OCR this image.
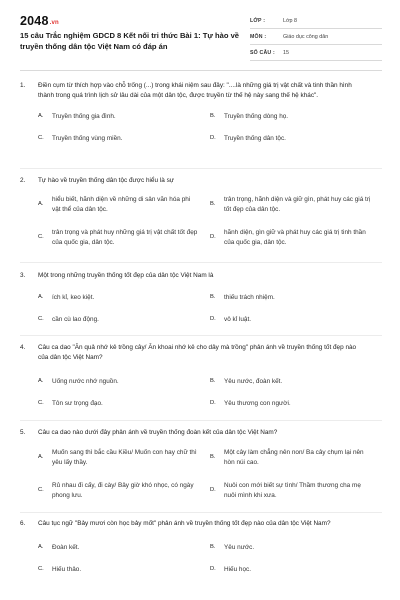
2048.vn
15 câu Trắc nghiệm GDCD 8 Kết nối tri thức Bài 1: Tự hào về truyền thống dân tộc Việt Nam có đáp án
LỚP :	Lớp 8
MÔN :	Giáo dục công dân
SỐ CÂU :	15
1.	Điền cụm từ thích hợp vào chỗ trống (...) trong khái niệm sau đây: "....là những giá trị vật chất và tinh thần hình thành trong quá trình lịch sử lâu dài của một dân tộc, được truyền từ thế hệ này sang thế hệ khác".
A.	Truyền thống gia đình.	B.	Truyền thống dòng họ.
C.	Truyền thống vùng miền.	D.	Truyền thống dân tộc.
2.	Tự hào về truyền thống dân tộc được hiểu là sự
A.
hiểu biết, hãnh diện về những di sản văn hóa phi vật thể của dân tộc.
B.
trân trọng, hãnh diện và giữ gìn, phát huy các giá trị tốt đẹp của dân tộc.
C.
trân trọng và phát huy những giá trị vật chất tốt đẹp của quốc gia, dân tộc.
D.
hãnh diện, gìn giữ và phát huy các giá trị tinh thần của quốc gia, dân tộc.
3.	Một trong những truyền thống tốt đẹp của dân tộc Việt Nam là
A.	ích kỉ, keo kiệt.	B.	thiếu trách nhiệm.
C.	cần cù lao động.	D.	vô kỉ luật.
4.	Câu ca dao "Ăn quả nhớ kẻ trồng cây/ Ăn khoai nhớ kẻ cho dây mà trồng" phản ánh về truyền thống tốt đẹp nào của dân tộc Việt Nam?
A.	Uống nước nhớ nguồn.	B.	Yêu nước, đoàn kết.
C.	Tôn sư trọng đạo.	D.	Yêu thương con người.
5.	Câu ca dao nào dưới đây phản ánh về truyền thống đoàn kết của dân tộc Việt Nam?
A.
Muốn sang thì bắc cầu Kiều/ Muốn con hay chữ thì yêu lấy thầy.
B.
Một cây làm chẳng nên non/ Ba cây chụm lại nên hòn núi cao.
C.
Rủ nhau đi cấy, đi cày/ Bây giờ khó nhọc, có ngày phong lưu.
D.
Nuôi con mới biết sự tình/ Thầm thương cha mẹ nuôi mình khi xưa.
6.	Câu tục ngữ "Bảy mươi còn học bảy mốt" phản ánh về truyền thống tốt đẹp nào của dân tộc Việt Nam?
A.	Đoàn kết.	B.	Yêu nước.
C.	Hiếu thảo.	D.	Hiếu học.
